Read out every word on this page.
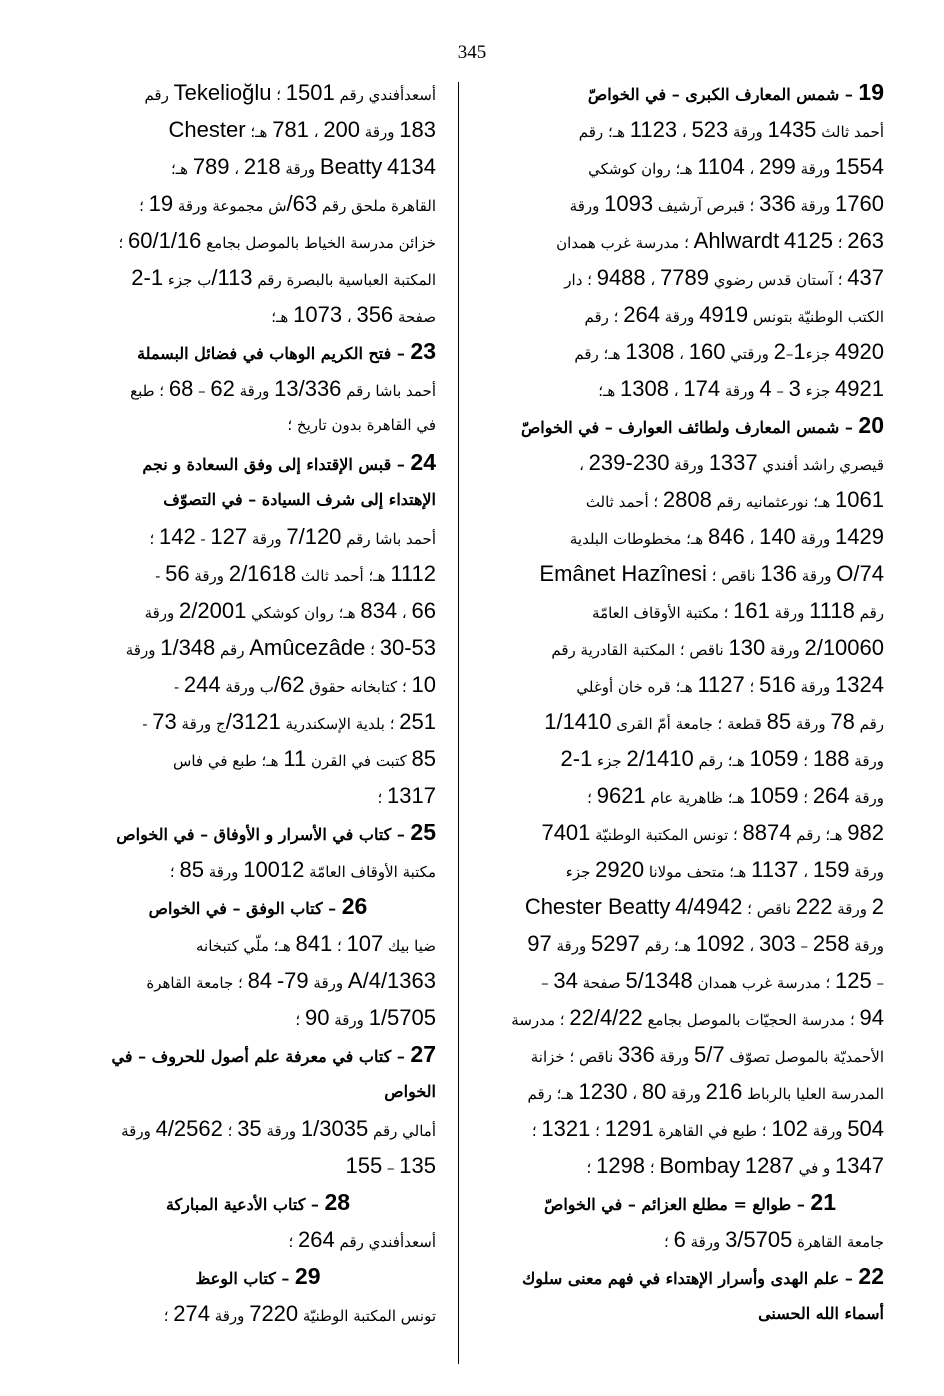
345
19 – شمس المعارف الكبرى – في الخواصّ
أحمد ثالث 1435 ورقة 523 ، 1123 هـ؛ رقم
1554 ورقة 299 ، 1104 هـ؛ روان كوشكي
1760 ورقة 336 ؛ قبرص آرشيف 1093 ورقة
263 ؛ Ahlwardt 4125 ؛ مدرسة غرب همدان
437 ؛ آستان قدس رضوي 7789 ، 9488 ؛ دار
الكتب الوطنيّة بتونس 4919 ورقة 264 ؛ رقم
4920 جزء1–2 ورقتي 160 ، 1308 هـ؛ رقم
4921 جزء 3 – 4 ورقة 174 ، 1308 هـ؛
20 – شمس المعارف ولطائف العوارف – في الخواصّ
قيصري راشد أفندي 1337 ورقة 230-239 ،
1061 هـ؛ نورعثمانيه رقم 2808 ؛ أحمد ثالث
1429 ورقة 140 ، 846 هـ؛ مخطوطات البلدية
74/O ورقة 136 ناقص ؛ Emânet Hazînesi
رقم 1118 ورقة 161 ؛ مكتبة الأوقاف العامّة
2/10060 ورقة 130 ناقص ؛ المكتبة القادرية رقم
1324 ورقة 516 ؛ 1127 هـ؛ قره خان أوغلي
رقم 78 ورقة 85 قطعة ؛ جامعة أمّ القرى 1/1410
ورقة 188 ؛ 1059 هـ؛ رقم 2/1410 جزء 1-2
ورقة 264 ؛ 1059 هـ؛ ظاهرية عام 9621 ؛
982 هـ؛ رقم 8874 ؛ تونس المكتبة الوطنيّة 7401
ورقة 159 ، 1137 هـ؛ متحف مولانا 2920 جزء
2 ورقة 222 ناقص ؛ Chester Beatty 4/4942
ورقة 258 – 303 ، 1092 هـ؛ رقم 5297 ورقة 97
– 125 ؛ مدرسة غرب همدان 5/1348 صفحة 34 –
94 ؛ مدرسة الحجيّات بالموصل بجامع 22/4/22 ؛ مدرسة
الأحمديّة بالموصل تصوّف 5/7 ورقة 336 ناقص ؛ خزانة
المدرسة العليا بالرباط 216 ورقة 80 ، 1230 هـ؛ رقم
504 ورقة 102 ؛ طبع في القاهرة 1291 ؛ 1321 ؛
1347 و في Bombay 1287 ؛ 1298 ؛
21 – طوالع = مطلع العزائم – في الخواصّ
جامعة القاهرة 3/5705 ورقة 6 ؛
22 – علم الهدى وأسرار الإهتداء في فهم معنى سلوك
أسماء الله الحسنى
أسعدأفندي رقم 1501 ؛ Tekelioğlu رقم
183 ورقة 200 ، 781 هـ؛ Chester
Beatty 4134 ورقة 218 ، 789 هـ؛
القاهرة ملحق رقم 63/ش مجموعة ورقة 19 ؛
خزائن مدرسة الخياط بالموصل بجامع 60/1/16 ؛
المكتبة العباسية بالبصرة رقم 113/ب جزء 1-2
صفحة 356 ، 1073 هـ؛
23 – فتح الكريم الوهاب في فضائل البسملة
أحمد باشا رقم 13/336 ورقة 62 – 68 ؛ طبع
في القاهرة بدون تاريخ ؛
24 – قبس الإقتداء إلى وفق السعادة و نجم
الإهتداء إلى شرف السيادة – في التصوّف
أحمد باشا رقم 7/120 ورقة 127 - 142 ؛
1112 هـ؛ أحمد ثالث 2/1618 ورقة 56 -
66 ، 834 هـ؛ روان كوشكي 2/2001 ورقة
30-53 ؛ Amûcezâde رقم 1/348 ورقة
10 ؛ كتابخانه حقوق 62/ب ورقة 244 -
251 ؛ بلدية الإسكندرية 3121/ج ورقة 73 -
85 كتبت في القرن 11 هـ؛ طبع في فاس
1317 ؛
25 – كتاب في الأسرار و الأوفاق – في الخواص
مكتبة الأوقاف العامّة 10012 ورقة 85 ؛
26 – كتاب الوفق – في الخواص
ضيا بيك 107 ؛ 841 هـ؛ ملّي كتبخانه
4/1363/A ورقة 79- 84 ؛ جامعة القاهرة
1/5705 ورقة 90 ؛
27 – كتاب في معرفة علم أصول للحروف – في
الخواص
أمالي رقم 1/3035 ورقة 35 ؛ 4/2562 ورقة
135 – 155
28 – كتاب الأدعية المباركة
أسعدأفندي رقم 264 ؛
29 – كتاب الوعظ
تونس المكتبة الوطنيّة 7220 ورقة 274 ؛
